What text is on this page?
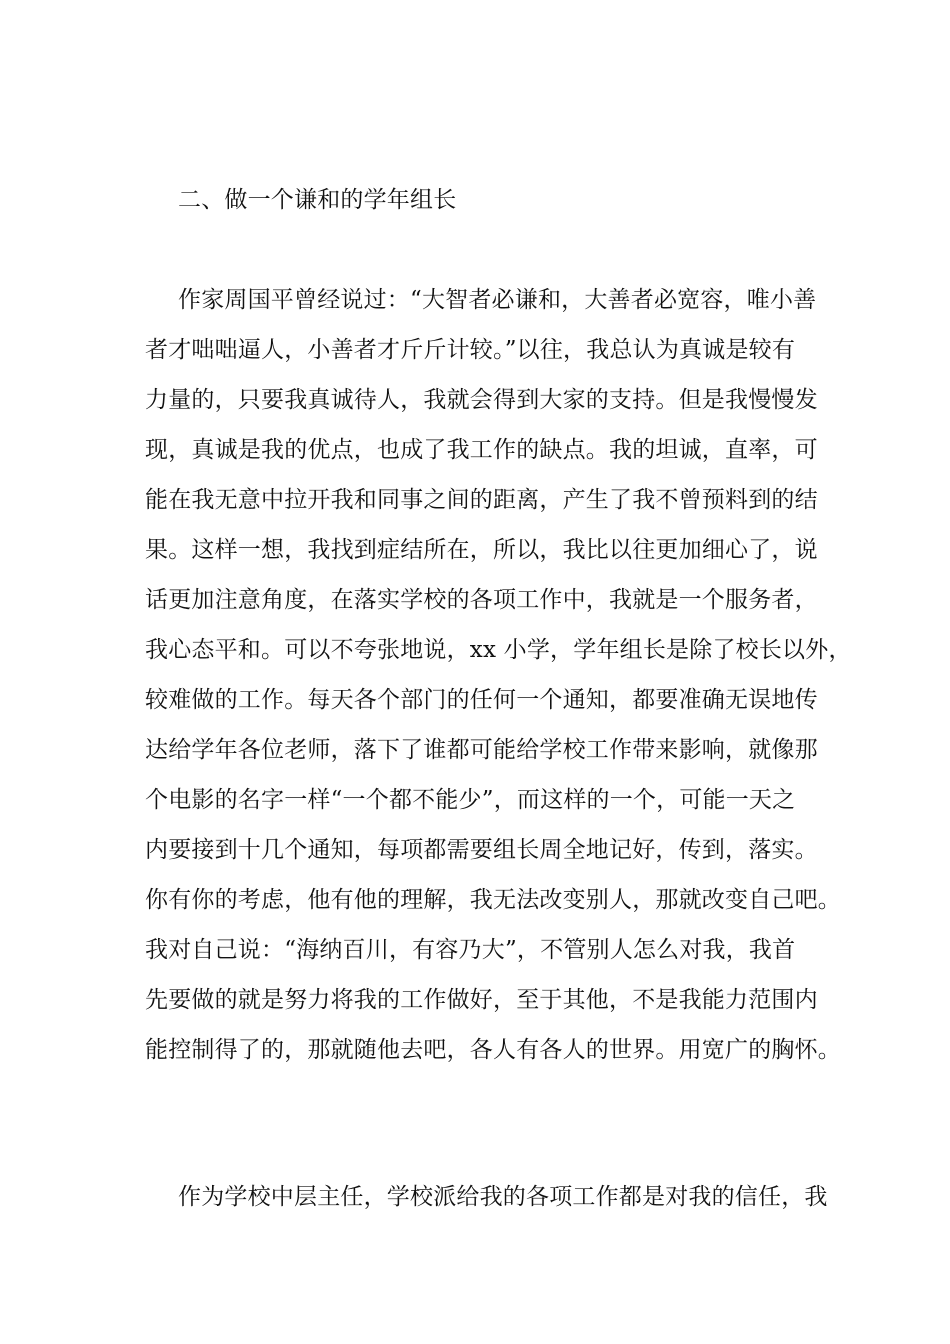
二、做一个谦和的学年组长
作家周国平曾经说过：“大智者必谦和，大善者必宽容，唯小善
者才咄咄逼人，小善者才斤斤计较。”以往，我总认为真诚是较有
力量的，只要我真诚待人，我就会得到大家的支持。但是我慢慢发
现，真诚是我的优点，也成了我工作的缺点。我的坦诚，直率，可
能在我无意中拉开我和同事之间的距离，产生了我不曾预料到的结
果。这样一想，我找到症结所在，所以，我比以往更加细心了，说
话更加注意角度，在落实学校的各项工作中，我就是一个服务者，
我心态平和。可以不夸张地说，xx 小学，学年组长是除了校长以外，
较难做的工作。每天各个部门的任何一个通知，都要准确无误地传
达给学年各位老师，落下了谁都可能给学校工作带来影响，就像那
个电影的名字一样“一个都不能少”，而这样的一个，可能一天之
内要接到十几个通知，每项都需要组长周全地记好，传到，落实。
你有你的考虑，他有他的理解，我无法改变别人，那就改变自己吧。
我对自己说：“海纳百川，有容乃大”，不管别人怎么对我，我首
先要做的就是努力将我的工作做好，至于其他，不是我能力范围内
能控制得了的，那就随他去吧，各人有各人的世界。用宽广的胸怀。
作为学校中层主任，学校派给我的各项工作都是对我的信任，我
